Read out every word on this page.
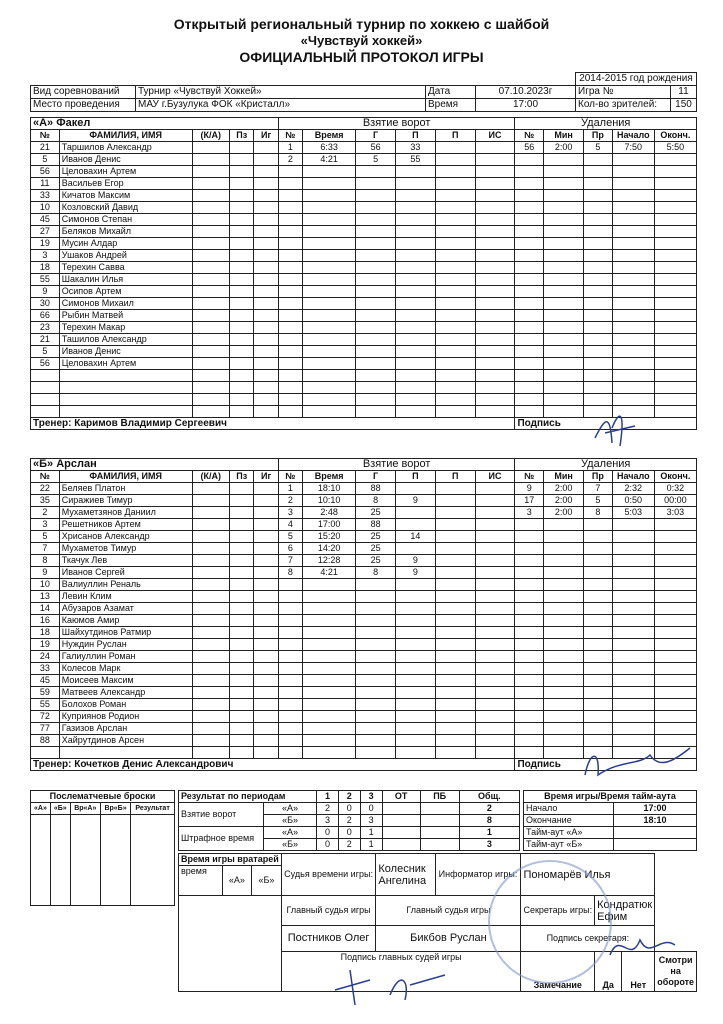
Открытый региональный турнир по хоккею с шайбой
«Чувствуй хоккей»
ОФИЦИАЛЬНЫЙ ПРОТОКОЛ ИГРЫ
				2014-2015 год рождения	
Вид соревнований	Турнир «Чувствуй Хоккей»	Дата	07.10.2023г	Игра №	11
Место проведения	МАУ г.Бузулука ФОК «Кристалл»	Время	17:00	Кол-во зрителей:	150
«А» Факел					Взятие ворот						Удаления				
№	ФАМИЛИЯ, ИМЯ	(К/А)	Пз	Иг	№	Время	Г	П	П	ИС	№	Мин	Пр	Начало	Оконч.
21	Таршилов Александр				1	6:33	56	33			56	2:00	5	7:50	5:50
5	Иванов Денис				2	4:21	5	55							
56	Целовахин Артем														
11	Васильев Егор														
33	Кичатов Максим														
10	Козловский Давид														
45	Симонов Степан														
27	Беляков Михайл														
19	Мусин Алдар														
3	Ушаков Андрей														
18	Терехин Савва														
55	Шакалин Илья														
9	Осипов Артем														
30	Симонов Михаил														
66	Рыбин Матвей														
23	Терехин Макар														
21	Ташилов Александр														
5	Иванов Денис														
56	Целовахин Артем														

Тренер: Каримов Владимир Сергеевич											Подпись				
«Б» Арслан					Взятие ворот						Удаления				
№	ФАМИЛИЯ, ИМЯ	(К/А)	Пз	Иг	№	Время	Г	П	П	ИС	№	Мин	Пр	Начало	Оконч.
22	Беляев Платон				1	18:10	88				9	2:00	7	2:32	0:32
35	Сиражиев Тимур				2	10:10	8	9			17	2:00	5	0:50	00:00
2	Мухаметзянов Даниил				3	2:48	25				3	2:00	8	5:03	3:03
3	Решетников Артем				4	17:00	88								
5	Хрисанов Александр				5	15:20	25	14							
7	Мухаметов Тимур				6	14:20	25								
8	Ткачук Лев				7	12:28	25	9							
9	Иванов Сергей				8	4:21	8	9							
10	Валиуллин Реналь														
13	Левин Клим														
14	Абузаров Азамат														
16	Каюмов Амир														
18	Шайхутдинов Ратмир														
19	Нуждин Руслан														
24	Галиуллин Роман														
33	Колесов Марк														
45	Моисеев Максим														
59	Матвеев Александр														
55	Болохов Роман														
72	Куприянов Родион														
77	Газизов Арслан														
88	Хайрутдинов Арсен														

Тренер: Кочетков Денис Александрович											Подпись				
Послематчевые броски				
«А»	«Б»	Вр«А»	Вр«Б»	Результат

Результат по периодам		1	2	3	ОТ	ПБ	Общ.
Взятие ворот	«А»	2	0	0			2
	«Б»	3	2	3			8
Штрафное время	«А»	0	0	1			1
	«Б»	0	2	1			3
Время игры/Время тайм-аута	
Начало	17:00
Окончание	18:10
Тайм-аут «А»	
Тайм-аут «Б»	
Время игры вратарей			Судья времени игры:	Колесник Ангелина	Информатор игры:	Пономарёв Илья			
время	«А»	«Б»							
			Главный судья игры	Главный судья игры		Секретарь игры:	Кондратюк Ефим		
			Постников Олег	Бикбов Руслан		Подпись секретаря:			
			Подпись главных судей игры			Замечание	Да	Нет	Смотри на обороте
